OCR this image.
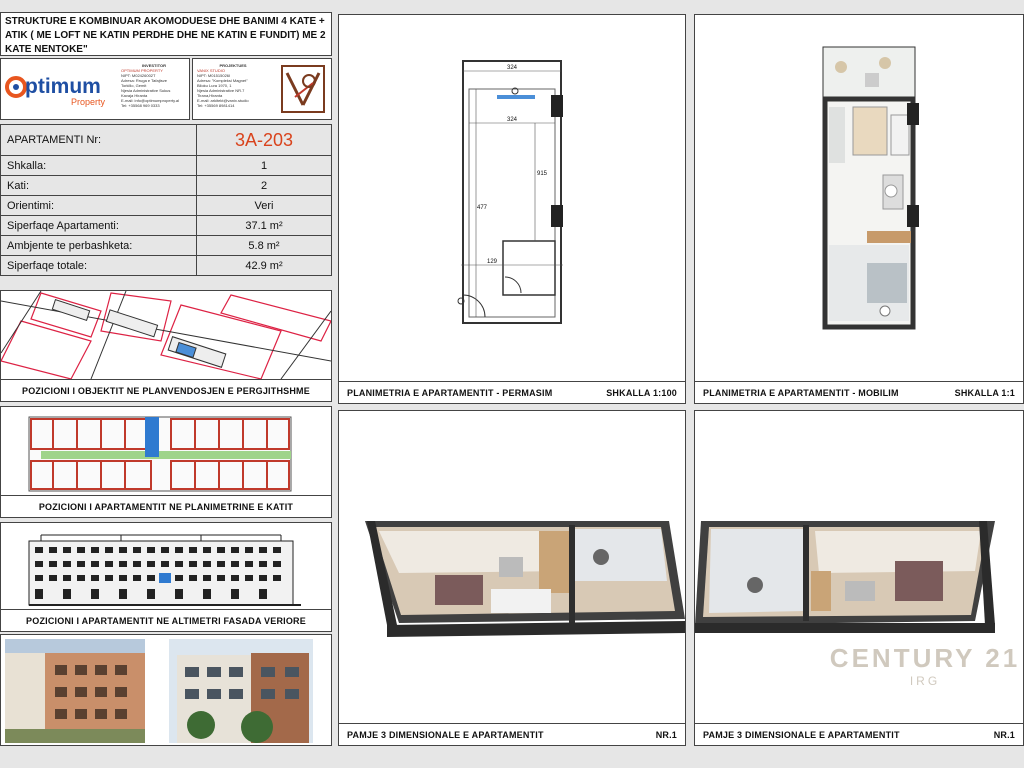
STRUKTURE E KOMBINUAR AKOMODUESE DHE BANIMI 4 KATE + ATIK ( ME LOFT NE KATIN PERDHE DHE NE KATIN E FUNDIT) ME 2 KATE NENTOKE"
ptimum
Property
INVESTITOR
OPTIMUM PROPERTY
NIPT: M02426002T
Adresa: Rruga e Tafajtsve
Torkillo, Gemit
Njesia Administrative Sukus
Kavaja Hiranta
E-mail: info@optimumproperty.al
Tel: +35568 969 0333
PROJEKTUES
VANIX STUDIO
NIPT: M01515026I
Adresa: "Kompleksi Magnet"
Blloku Lura 1970, 1
Njesia Administrative NR.7
Tirana,Hiranta
E-mail: arkitekt@vanix.studio
Tel: +35569 8981414
APARTAMENTI Nr:	3A-203
Shkalla:	1
Kati:	2
Orientimi:	Veri
Siperfaqe Apartamenti:	37.1 m²
Ambjente te perbashketa:	5.8 m²
Siperfaqe totale:	42.9 m²
POZICIONI I OBJEKTIT NE PLANVENDOSJEN E PERGJITHSHME
POZICIONI I APARTAMENTIT NE PLANIMETRINE E KATIT
POZICIONI I APARTAMENTIT NE ALTIMETRI FASADA VERIORE
324
324
477
915
129
PLANIMETRIA E APARTAMENTIT - PERMASIM	SHKALLA 1:100	PLANIMETRIA E APARTAMENTIT - MOBILIM	SHKALLA 1:1
PAMJE 3 DIMENSIONALE E APARTAMENTIT	NR.1
CENTURY 21
IRG
PAMJE 3 DIMENSIONALE E APARTAMENTIT	NR.1
